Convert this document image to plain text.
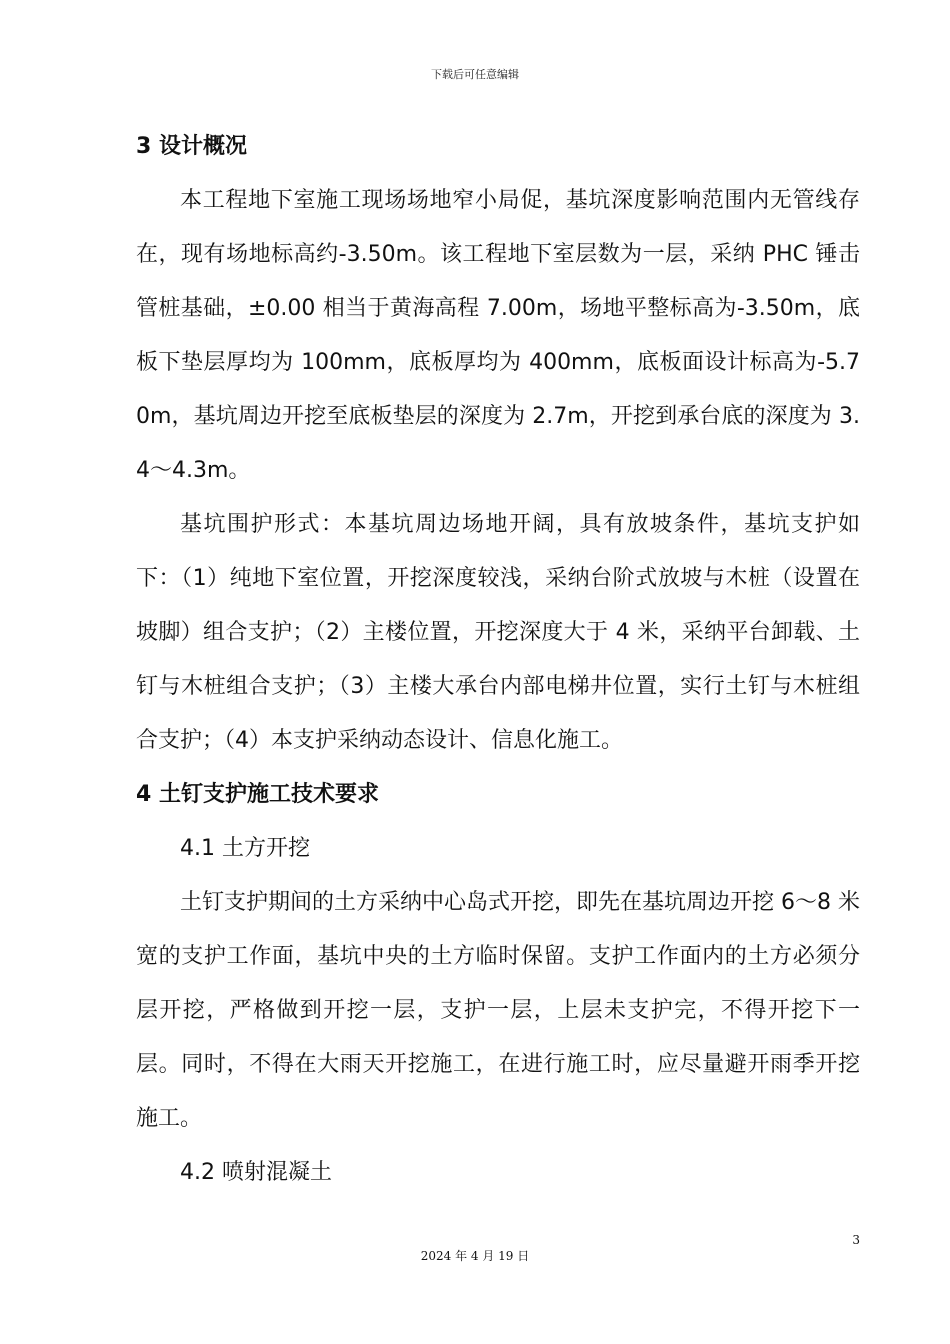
下载后可任意编辑

3 设计概况

本工程地下室施工现场场地窄小局促，基坑深度影响范围内无管线存在，现有场地标高约-3.50m。该工程地下室层数为一层，采纳 PHC 锤击管桩基础，±0.00 相当于黄海高程 7.00m，场地平整标高为-3.50m，底板下垫层厚均为 100mm，底板厚均为 400mm，底板面设计标高为-5.70m，基坑周边开挖至底板垫层的深度为 2.7m，开挖到承台底的深度为 3.4～4.3m。

基坑围护形式：本基坑周边场地开阔，具有放坡条件，基坑支护如下：（1）纯地下室位置，开挖深度较浅，采纳台阶式放坡与木桩（设置在坡脚）组合支护；（2）主楼位置，开挖深度大于 4 米，采纳平台卸载、土钉与木桩组合支护；（3）主楼大承台内部电梯井位置，实行土钉与木桩组合支护；（4）本支护采纳动态设计、信息化施工。

4 土钉支护施工技术要求

4.1 土方开挖

土钉支护期间的土方采纳中心岛式开挖，即先在基坑周边开挖 6～8 米宽的支护工作面，基坑中央的土方临时保留。支护工作面内的土方必须分层开挖，严格做到开挖一层，支护一层，上层未支护完，不得开挖下一层。同时，不得在大雨天开挖施工，在进行施工时，应尽量避开雨季开挖施工。

4.2 喷射混凝土

3
2024 年 4 月 19 日
